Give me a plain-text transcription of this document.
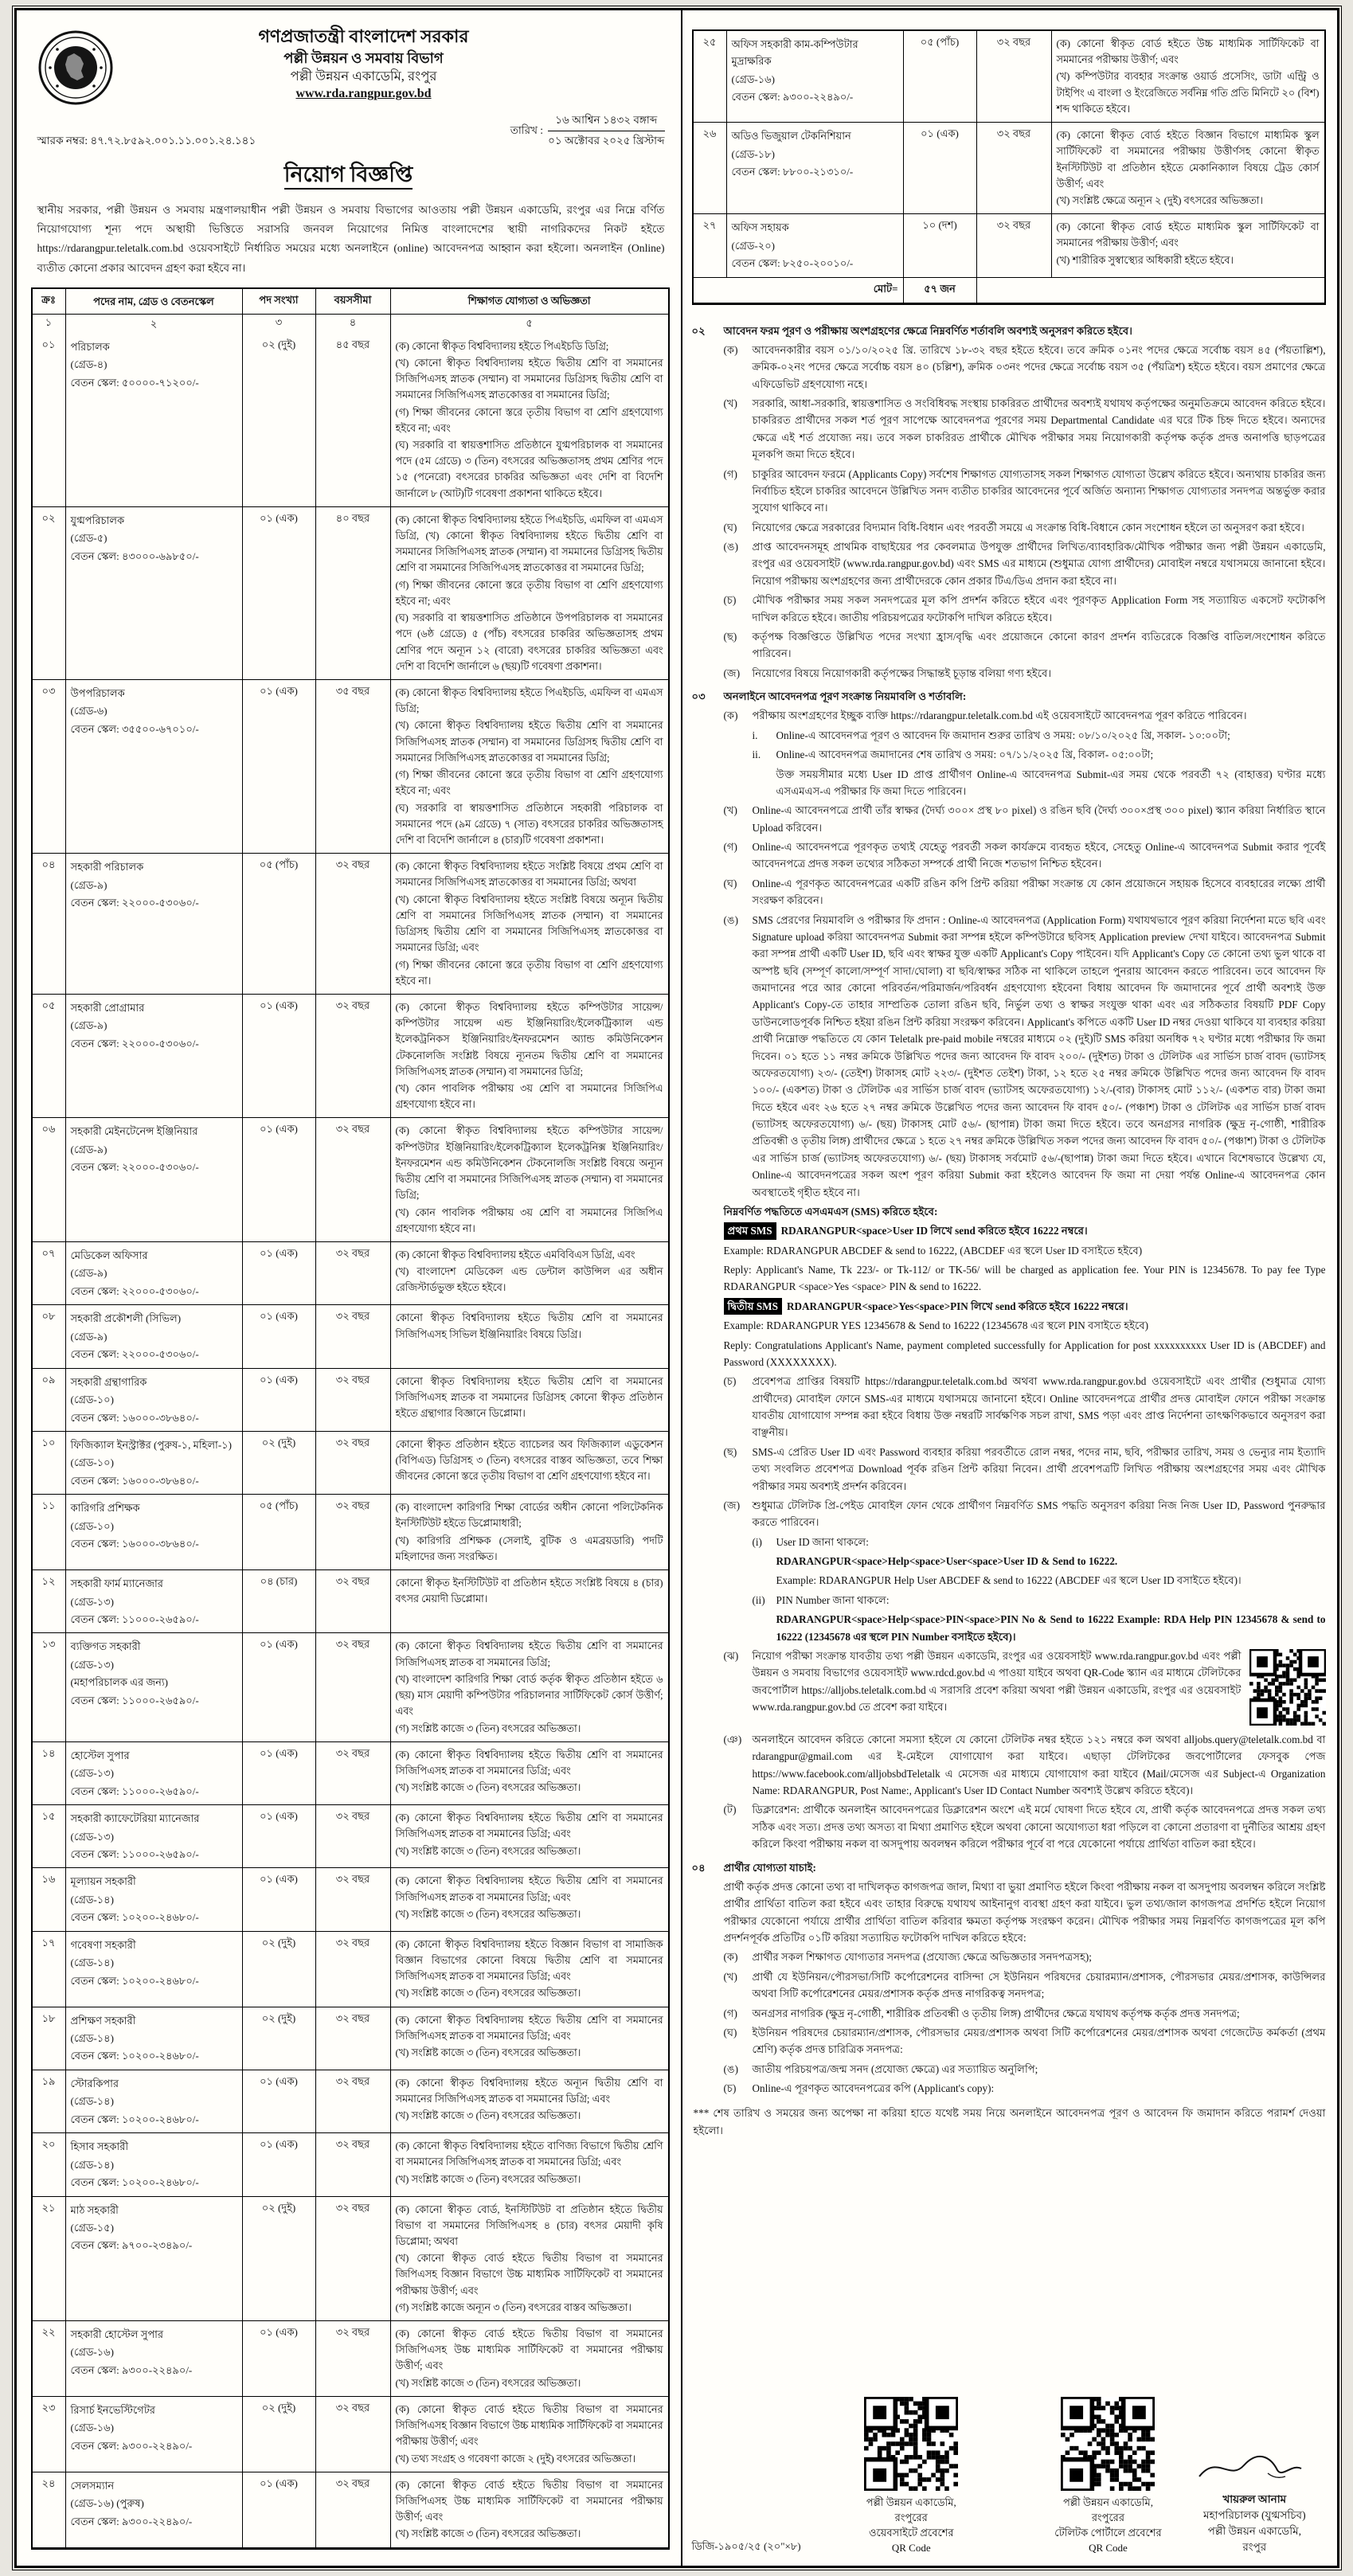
গণপ্রজাতন্ত্রী বাংলাদেশ সরকার
পল্লী উন্নয়ন ও সমবায় বিভাগ
পল্লী উন্নয়ন একাডেমি, রংপুর
www.rda.rangpur.gov.bd
স্মারক নম্বর: ৪৭.৭২.৮৫৯২.০০১.১১.০০১.২৪.১৪১
তারিখ : $\frac{\text{১৬ আশ্বিন ১৪৩২ বঙ্গাব্দ}}{\text{০১ অক্টোবর ২০২৫ খ্রিস্টাব্দ}}$
নিয়োগ বিজ্ঞপ্তি
স্থানীয় সরকার, পল্লী উন্নয়ন ও সমবায় মন্ত্রণালয়াধীন পল্লী উন্নয়ন ও সমবায় বিভাগের আওতায় পল্লী উন্নয়ন একাডেমি, রংপুর এর নিম্নে বর্ণিত নিয়োগযোগ্য শূন্য পদে অস্থায়ী ভিত্তিতে সরাসরি জনবল নিয়োগের নিমিত্ত বাংলাদেশের স্থায়ী নাগরিকদের নিকট হইতে https://rdarangpur.teletalk.com.bd ওয়েবসাইটে নির্ধারিত সময়ের মধ্যে অনলাইনে (online) আবেদনপত্র আহ্বান করা হইলো। অনলাইন (Online) ব্যতীত কোনো প্রকার আবেদন গ্রহণ করা হইবে না।
ক্রঃ	পদের নাম, গ্রেড ও বেতনস্কেল	পদ সংখ্যা	বয়সসীমা	শিক্ষাগত যোগ্যতা ও অভিজ্ঞতা
১	২	৩	৪	৫
০১	পরিচালক
(গ্রেড-৪)
বেতন স্কেল: ৫০০০০-৭১২০০/-
০২ (দুই)	৪৫ বছর	(ক) কোনো স্বীকৃত বিশ্ববিদ্যালয় হইতে পিএইচডি ডিগ্রি;
(খ) কোনো স্বীকৃত বিশ্ববিদ্যালয় হইতে দ্বিতীয় শ্রেণি বা সমমানের সিজিপিএসহ স্নাতক (সম্মান) বা সমমানের ডিগ্রিসহ দ্বিতীয় শ্রেণি বা সমমানের সিজিপিএসহ স্নাতকোত্তর বা সমমানের ডিগ্রি;
(গ) শিক্ষা জীবনের কোনো স্তরে তৃতীয় বিভাগ বা শ্রেণি গ্রহণযোগ্য হইবে না; এবং
(ঘ) সরকারি বা স্বায়ত্তশাসিত প্রতিষ্ঠানে যুগ্মপরিচালক বা সমমানের পদে (৫ম গ্রেডে) ৩ (তিন) বৎসরের অভিজ্ঞতাসহ প্রথম শ্রেণির পদে ১৫ (পনেরো) বৎসরের চাকরির অভিজ্ঞতা এবং দেশি বা বিদেশি জার্নালে ৮ (আট)টি গবেষণা প্রকাশনা থাকিতে হইবে।
০২	যুগ্মপরিচালক
(গ্রেড-৫)
বেতন স্কেল: ৪৩০০০-৬৯৮৫০/-
০১ (এক)	৪০ বছর	(ক) কোনো স্বীকৃত বিশ্ববিদ্যালয় হইতে পিএইচডি, এমফিল বা এমএস ডিগ্রি, (খ) কোনো স্বীকৃত বিশ্ববিদ্যালয় হইতে দ্বিতীয় শ্রেণি বা সমমানের সিজিপিএসহ স্নাতক (সম্মান) বা সমমানের ডিগ্রিসহ দ্বিতীয় শ্রেণি বা সমমানের সিজিপিএসহ স্নাতকোত্তর বা সমমানের ডিগ্রি;
(গ) শিক্ষা জীবনের কোনো স্তরে তৃতীয় বিভাগ বা শ্রেণি গ্রহণযোগ্য হইবে না; এবং
(ঘ) সরকারি বা স্বায়ত্তশাসিত প্রতিষ্ঠানে উপপরিচালক বা সমমানের পদে (৬ষ্ঠ গ্রেডে) ৫ (পাঁচ) বৎসরের চাকরির অভিজ্ঞতাসহ প্রথম শ্রেণির পদে অন্যূন ১২ (বারো) বৎসরের চাকরির অভিজ্ঞতা এবং দেশি বা বিদেশি জার্নালে ৬ (ছয়)টি গবেষণা প্রকাশনা।
০৩	উপপরিচালক
(গ্রেড-৬)
বেতন স্কেল: ৩৫৫০০-৬৭০১০/-
০১ (এক)	৩৫ বছর	(ক) কোনো স্বীকৃত বিশ্ববিদ্যালয় হইতে পিএইচডি, এমফিল বা এমএস ডিগ্রি;
(খ) কোনো স্বীকৃত বিশ্ববিদ্যালয় হইতে দ্বিতীয় শ্রেণি বা সমমানের সিজিপিএসহ স্নাতক (সম্মান) বা সমমানের ডিগ্রিসহ দ্বিতীয় শ্রেণি বা সমমানের সিজিপিএসহ স্নাতকোত্তর বা সমমানের ডিগ্রি;
(গ) শিক্ষা জীবনের কোনো স্তরে তৃতীয় বিভাগ বা শ্রেণি গ্রহণযোগ্য হইবে না; এবং
(ঘ) সরকারি বা স্বায়ত্তশাসিত প্রতিষ্ঠানে সহকারী পরিচালক বা সমমানের পদে (৯ম গ্রেডে) ৭ (সাত) বৎসরের চাকরির অভিজ্ঞতাসহ দেশি বা বিদেশি জার্নালে ৪ (চার)টি গবেষণা প্রকাশনা।
০৪	সহকারী পরিচালক
(গ্রেড-৯)
বেতন স্কেল: ২২০০০-৫৩০৬০/-
০৫ (পাঁচ)	৩২ বছর	(ক) কোনো স্বীকৃত বিশ্ববিদ্যালয় হইতে সংশ্লিষ্ট বিষয়ে প্রথম শ্রেণি বা সমমানের সিজিপিএসহ স্নাতকোত্তর বা সমমানের ডিগ্রি; অথবা
(খ) কোনো স্বীকৃত বিশ্ববিদ্যালয় হইতে সংশ্লিষ্ট বিষয়ে অন্যূন দ্বিতীয় শ্রেণি বা সমমানের সিজিপিএসহ স্নাতক (সম্মান) বা সমমানের ডিগ্রিসহ দ্বিতীয় শ্রেণি বা সমমানের সিজিপিএসহ স্নাতকোত্তর বা সমমানের ডিগ্রি; এবং
(গ) শিক্ষা জীবনের কোনো স্তরে তৃতীয় বিভাগ বা শ্রেণি গ্রহণযোগ্য হইবে না।
০৫	সহকারী প্রোগ্রামার
(গ্রেড-৯)
বেতন স্কেল: ২২০০০-৫৩০৬০/-
০১ (এক)	৩২ বছর	(ক) কোনো স্বীকৃত বিশ্ববিদ্যালয় হইতে কম্পিউটার সায়েন্স/কম্পিউটার সায়েন্স এন্ড ইঞ্জিনিয়ারিং/ইলেকট্রিক্যাল এন্ড ইলেকট্রনিকস ইঞ্জিনিয়ারিং/ইনফরমেশন অ্যান্ড কমিউনিকেশন টেকনোলজি সংশ্লিষ্ট বিষয়ে ন্যূনতম দ্বিতীয় শ্রেণি বা সমমানের সিজিপিএসহ স্নাতক (সম্মান) বা সমমানের ডিগ্রি;
(খ) কোন পাবলিক পরীক্ষায় ৩য় শ্রেণি বা সমমানের সিজিপিএ গ্রহণযোগ্য হইবে না।
০৬	সহকারী মেইনটেনেন্স ইঞ্জিনিয়ার
(গ্রেড-৯)
বেতন স্কেল: ২২০০০-৫৩০৬০/-
০১ (এক)	৩২ বছর	(ক) কোনো স্বীকৃত বিশ্ববিদ্যালয় হইতে কম্পিউটার সায়েন্স/কম্পিউটার ইঞ্জিনিয়ারিং/ইলেকট্রিক্যাল ইলেকট্রনিক্স ইঞ্জিনিয়ারিং/ইনফরমেশন এন্ড কমিউনিকেশন টেকনোলজি সংশ্লিষ্ট বিষয়ে অন্যূন দ্বিতীয় শ্রেণি বা সমমানের সিজিপিএসহ স্নাতক (সম্মান) বা সমমানের ডিগ্রি;
(খ) কোন পাবলিক পরীক্ষায় ৩য় শ্রেণি বা সমমানের সিজিপিএ গ্রহণযোগ্য হইবে না।
০৭	মেডিকেল অফিসার
(গ্রেড-৯)
বেতন স্কেল: ২২০০০-৫৩০৬০/-
০১ (এক)	৩২ বছর	(ক) কোনো স্বীকৃত বিশ্ববিদ্যালয় হইতে এমবিবিএস ডিগ্রি, এবং
(খ) বাংলাদেশ মেডিকেল এন্ড ডেন্টাল কাউন্সিল এর অধীন রেজিস্টার্ডভুক্ত হইতে হইবে।
০৮	সহকারী প্রকৌশলী (সিভিল)
(গ্রেড-৯)
বেতন স্কেল: ২২০০০-৫৩০৬০/-
০১ (এক)	৩২ বছর	কোনো স্বীকৃত বিশ্ববিদ্যালয় হইতে দ্বিতীয় শ্রেণি বা সমমানের সিজিপিএসহ সিভিল ইঞ্জিনিয়ারিং বিষয়ে ডিগ্রি।
০৯	সহকারী গ্রন্থাগারিক
(গ্রেড-১০)
বেতন স্কেল: ১৬০০০-৩৮৬৪০/-
০১ (এক)	৩২ বছর	কোনো স্বীকৃত বিশ্ববিদ্যালয় হইতে দ্বিতীয় শ্রেণি বা সমমানের সিজিপিএসহ স্নাতক বা সমমানের ডিগ্রিসহ কোনো স্বীকৃত প্রতিষ্ঠান হইতে গ্রন্থাগার বিজ্ঞানে ডিপ্লোমা।
১০	ফিজিক্যাল ইনস্ট্রাক্টর (পুরুষ-১, মহিলা-১)
(গ্রেড-১০)
বেতন স্কেল: ১৬০০০-৩৮৬৪০/-
০২ (দুই)	৩২ বছর	কোনো স্বীকৃত প্রতিষ্ঠান হইতে ব্যাচেলর অব ফিজিক্যাল এডুকেশন (বিপিএড) ডিগ্রিসহ ৩ (তিন) বৎসরের বাস্তব অভিজ্ঞতা, তবে শিক্ষা জীবনের কোনো স্তরে তৃতীয় বিভাগ বা শ্রেণি গ্রহণযোগ্য হইবে না।
১১	কারিগরি প্রশিক্ষক
(গ্রেড-১০)
বেতন স্কেল: ১৬০০০-৩৮৬৪০/-
০৫ (পাঁচ)	৩২ বছর	(ক) বাংলাদেশ কারিগরি শিক্ষা বোর্ডের অধীন কোনো পলিটেকনিক ইনস্টিটিউট হইতে ডিপ্লোমাধারী;
(খ) কারিগরি প্রশিক্ষক (সেলাই, বুটিক ও এমব্রয়ডারি) পদটি মহিলাদের জন্য সংরক্ষিত।
১২	সহকারী ফার্ম ম্যানেজার
(গ্রেড-১৩)
বেতন স্কেল: ১১০০০-২৬৫৯০/-
০৪ (চার)	৩২ বছর	কোনো স্বীকৃত ইনস্টিটিউট বা প্রতিষ্ঠান হইতে সংশ্লিষ্ট বিষয়ে ৪ (চার) বৎসর মেয়াদী ডিপ্লোমা।
১৩	ব্যক্তিগত সহকারী
(গ্রেড-১৩)
(মহাপরিচালক এর জন্য)
বেতন স্কেল: ১১০০০-২৬৫৯০/-
০১ (এক)	৩২ বছর	(ক) কোনো স্বীকৃত বিশ্ববিদ্যালয় হইতে দ্বিতীয় শ্রেণি বা সমমানের সিজিপিএসহ স্নাতক বা সমমানের ডিগ্রি;
(খ) বাংলাদেশ কারিগরি শিক্ষা বোর্ড কর্তৃক স্বীকৃত প্রতিষ্ঠান হইতে ৬ (ছয়) মাস মেয়াদী কম্পিউটার পরিচালনার সার্টিফিকেট কোর্স উত্তীর্ণ; এবং
(গ) সংশ্লিষ্ট কাজে ৩ (তিন) বৎসরের অভিজ্ঞতা।
১৪	হোস্টেল সুপার
(গ্রেড-১৩)
বেতন স্কেল: ১১০০০-২৬৫৯০/-
০১ (এক)	৩২ বছর	(ক) কোনো স্বীকৃত বিশ্ববিদ্যালয় হইতে দ্বিতীয় শ্রেণি বা সমমানের সিজিপিএসহ স্নাতক বা সমমানের ডিগ্রি; এবং
(খ) সংশ্লিষ্ট কাজে ৩ (তিন) বৎসরের অভিজ্ঞতা।
১৫	সহকারী ক্যাফেটেরিয়া ম্যানেজার
(গ্রেড-১৩)
বেতন স্কেল: ১১০০০-২৬৫৯০/-
০১ (এক)	৩২ বছর	(ক) কোনো স্বীকৃত বিশ্ববিদ্যালয় হইতে দ্বিতীয় শ্রেণি বা সমমানের সিজিপিএসহ স্নাতক বা সমমানের ডিগ্রি; এবং
(খ) সংশ্লিষ্ট কাজে ৩ (তিন) বৎসরের অভিজ্ঞতা।
১৬	মূল্যায়ন সহকারী
(গ্রেড-১৪)
বেতন স্কেল: ১০২০০-২৪৬৮০/-
০১ (এক)	৩২ বছর	(ক) কোনো স্বীকৃত বিশ্ববিদ্যালয় হইতে দ্বিতীয় শ্রেণি বা সমমানের সিজিপিএসহ স্নাতক বা সমমানের ডিগ্রি; এবং
(খ) সংশ্লিষ্ট কাজে ৩ (তিন) বৎসরের অভিজ্ঞতা।
১৭	গবেষণা সহকারী
(গ্রেড-১৪)
বেতন স্কেল: ১০২০০-২৪৬৮০/-
০২ (দুই)	৩২ বছর	(ক) কোনো স্বীকৃত বিশ্ববিদ্যালয় হইতে বিজ্ঞান বিভাগ বা সামাজিক বিজ্ঞান বিভাগের কোনো বিষয়ে দ্বিতীয় শ্রেণি বা সমমানের সিজিপিএসহ স্নাতক বা সমমানের ডিগ্রি; এবং
(খ) সংশ্লিষ্ট কাজে ৩ (তিন) বৎসরের অভিজ্ঞতা।
১৮	প্রশিক্ষণ সহকারী
(গ্রেড-১৪)
বেতন স্কেল: ১০২০০-২৪৬৮০/-
০২ (দুই)	৩২ বছর	(ক) কোনো স্বীকৃত বিশ্ববিদ্যালয় হইতে দ্বিতীয় শ্রেণি বা সমমানের সিজিপিএসহ স্নাতক বা সমমানের ডিগ্রি; এবং
(খ) সংশ্লিষ্ট কাজে ৩ (তিন) বৎসরের অভিজ্ঞতা।
১৯	স্টোরকিপার
(গ্রেড-১৪)
বেতন স্কেল: ১০২০০-২৪৬৮০/-
০১ (এক)	৩২ বছর	(ক) কোনো স্বীকৃত বিশ্ববিদ্যালয় হইতে অন্যূন দ্বিতীয় শ্রেণি বা সমমানের সিজিপিএসহ স্নাতক বা সমমানের ডিগ্রি; এবং
(খ) সংশ্লিষ্ট কাজে ৩ (তিন) বৎসরের অভিজ্ঞতা।
২০	হিসাব সহকারী
(গ্রেড-১৪)
বেতন স্কেল: ১০২০০-২৪৬৮০/-
০১ (এক)	৩২ বছর	(ক) কোনো স্বীকৃত বিশ্ববিদ্যালয় হইতে বাণিজ্য বিভাগে দ্বিতীয় শ্রেণি বা সমমানের সিজিপিএসহ স্নাতক বা সমমানের ডিগ্রি; এবং
(খ) সংশ্লিষ্ট কাজে ৩ (তিন) বৎসরের অভিজ্ঞতা।
২১	মাঠ সহকারী
(গ্রেড-১৫)
বেতন স্কেল: ৯৭০০-২৩৪৯০/-
০২ (দুই)	৩২ বছর	(ক) কোনো স্বীকৃত বোর্ড, ইনস্টিটিউট বা প্রতিষ্ঠান হইতে দ্বিতীয় বিভাগ বা সমমানের সিজিপিএসহ ৪ (চার) বৎসর মেয়াদী কৃষি ডিপ্লোমা; অথবা
(খ) কোনো স্বীকৃত বোর্ড হইতে দ্বিতীয় বিভাগ বা সমমানের জিপিএসহ বিজ্ঞান বিভাগে উচ্চ মাধ্যমিক সার্টিফিকেট বা সমমানের পরীক্ষায় উত্তীর্ণ; এবং
(গ) সংশ্লিষ্ট কাজে অন্যূন ৩ (তিন) বৎসরের বাস্তব অভিজ্ঞতা।
২২	সহকারী হোস্টেল সুপার
(গ্রেড-১৬)
বেতন স্কেল: ৯৩০০-২২৪৯০/-
০১ (এক)	৩২ বছর	(ক) কোনো স্বীকৃত বোর্ড হইতে দ্বিতীয় বিভাগ বা সমমানের সিজিপিএসহ উচ্চ মাধ্যমিক সার্টিফিকেট বা সমমানের পরীক্ষায় উত্তীর্ণ; এবং
(খ) সংশ্লিষ্ট কাজে ৩ (তিন) বৎসরের অভিজ্ঞতা।
২৩	রিসার্চ ইনভেস্টিগেটর
(গ্রেড-১৬)
বেতন স্কেল: ৯৩০০-২২৪৯০/-
০২ (দুই)	৩২ বছর	(ক) কোনো স্বীকৃত বোর্ড হইতে দ্বিতীয় বিভাগ বা সমমানের সিজিপিএসহ বিজ্ঞান বিভাগে উচ্চ মাধ্যমিক সার্টিফিকেট বা সমমানের পরীক্ষায় উত্তীর্ণ; এবং
(খ) তথ্য সংগ্রহ ও গবেষণা কাজে ২ (দুই) বৎসরের অভিজ্ঞতা।
২৪	সেলসম্যান
(গ্রেড-১৬) (পুরুষ)
বেতন স্কেল: ৯৩০০-২২৪৯০/-
০১ (এক)	৩২ বছর	(ক) কোনো স্বীকৃত বোর্ড হইতে দ্বিতীয় বিভাগ বা সমমানের সিজিপিএসহ উচ্চ মাধ্যমিক সার্টিফিকেট বা সমমানের পরীক্ষায় উত্তীর্ণ; এবং
(খ) সংশ্লিষ্ট কাজে ৩ (তিন) বৎসরের অভিজ্ঞতা।
২৫	অফিস সহকারী কাম-কম্পিউটার মুদ্রাক্ষরিক
(গ্রেড-১৬)
বেতন স্কেল: ৯৩০০-২২৪৯০/-
০৫ (পাঁচ)	৩২ বছর	(ক) কোনো স্বীকৃত বোর্ড হইতে উচ্চ মাধ্যমিক সার্টিফিকেট বা সমমানের পরীক্ষায় উত্তীর্ণ; এবং
(খ) কম্পিউটার ব্যবহার সংক্রান্ত ওয়ার্ড প্রসেসিং, ডাটা এন্ট্রি ও টাইপিং এ বাংলা ও ইংরেজিতে সর্বনিম্ন গতি প্রতি মিনিটে ২০ (বিশ) শব্দ থাকিতে হইবে।
২৬	অডিও ভিজুয়াল টেকনিশিয়ান
(গ্রেড-১৮)
বেতন স্কেল: ৮৮০০-২১৩১০/-
০১ (এক)	৩২ বছর	(ক) কোনো স্বীকৃত বোর্ড হইতে বিজ্ঞান বিভাগে মাধ্যমিক স্কুল সার্টিফিকেট বা সমমানের পরীক্ষায় উত্তীর্ণসহ কোনো স্বীকৃত ইনস্টিটিউট বা প্রতিষ্ঠান হইতে মেকানিক্যাল বিষয়ে ট্রেড কোর্স উত্তীর্ণ; এবং
(খ) সংশ্লিষ্ট ক্ষেত্রে অন্যূন ২ (দুই) বৎসরের অভিজ্ঞতা।
২৭	অফিস সহায়ক
(গ্রেড-২০)
বেতন স্কেল: ৮২৫০-২০০১০/-
১০ (দশ)	৩২ বছর	(ক) কোনো স্বীকৃত বোর্ড হইতে মাধ্যমিক স্কুল সার্টিফিকেট বা সমমানের পরীক্ষায় উত্তীর্ণ; এবং
(খ) শারীরিক সুস্বাস্থ্যের অধিকারী হইতে হইবে।
মোট=	৫৭ জন
০২	আবেদন ফরম পূরণ ও পরীক্ষায় অংশগ্রহণের ক্ষেত্রে নিম্নবর্ণিত শর্তাবলি অবশ্যই অনুসরণ করিতে হইবে।
(ক)	আবেদনকারীর বয়স ০১/১০/২০২৫ খ্রি. তারিখে ১৮-৩২ বছর হইতে হইবে। তবে ক্রমিক ০১নং পদের ক্ষেত্রে সর্বোচ্চ বয়স ৪৫ (পঁয়তাল্লিশ), ক্রমিক-০২নং পদের ক্ষেত্রে সর্বোচ্চ বয়স ৪০ (চল্লিশ), ক্রমিক ০৩নং পদের ক্ষেত্রে সর্বোচ্চ বয়স ৩৫ (পঁয়ত্রিশ) হইতে হইবে। বয়স প্রমাণের ক্ষেত্রে এফিডেভিট গ্রহণযোগ্য নহে।
(খ)	সরকারি, আধা-সরকারি, স্বায়ত্তশাসিত ও সংবিধিবদ্ধ সংস্থায় চাকরিরত প্রার্থীদের অবশ্যই যথাযথ কর্তৃপক্ষের অনুমতিক্রমে আবেদন করিতে হইবে। চাকরিরত প্রার্থীদের সকল শর্ত পূরণ সাপেক্ষে আবেদনপত্র পূরণের সময় Departmental Candidate এর ঘরে টিক চিহ্ন দিতে হইবে। অন্যদের ক্ষেত্রে এই শর্ত প্রযোজ্য নয়। তবে সকল চাকরিরত প্রার্থীকে মৌখিক পরীক্ষার সময় নিয়োগকারী কর্তৃপক্ষ কর্তৃক প্রদত্ত অনাপত্তি ছাড়পত্রের মূলকপি জমা দিতে হইবে।
(গ)	চাকুরির আবেদন ফরমে (Applicants Copy) সর্বশেষ শিক্ষাগত যোগ্যতাসহ সকল শিক্ষাগত যোগ্যতা উল্লেখ করিতে হইবে। অন্যথায় চাকরির জন্য নির্বাচিত হইলে চাকরির আবেদনে উল্লিখিত সনদ ব্যতীত চাকরির আবেদনের পূর্বে অর্জিত অন্যান্য শিক্ষাগত যোগ্যতার সনদপত্র অন্তর্ভুক্ত করার সুযোগ থাকিবে না।
(ঘ)	নিয়োগের ক্ষেত্রে সরকারের বিদ্যমান বিধি-বিধান এবং পরবর্তী সময়ে এ সংক্রান্ত বিধি-বিধানে কোন সংশোধন হইলে তা অনুসরণ করা হইবে।
(ঙ)	প্রাপ্ত আবেদনসমূহ প্রাথমিক বাছাইয়ের পর কেবলমাত্র উপযুক্ত প্রার্থীদের লিখিত/ব্যাবহারিক/মৌখিক পরীক্ষার জন্য পল্লী উন্নয়ন একাডেমি, রংপুর এর ওয়েবসাইট (www.rda.rangpur.gov.bd) এবং SMS এর মাধ্যমে (শুধুমাত্র যোগ্য প্রার্থীদের) মোবাইল নম্বরে যথাসময়ে জানানো হইবে। নিয়োগ পরীক্ষায় অংশগ্রহণের জন্য প্রার্থীদেরকে কোন প্রকার টিএ/ডিএ প্রদান করা হইবে না।
(চ)	মৌখিক পরীক্ষার সময় সকল সনদপত্রের মূল কপি প্রদর্শন করিতে হইবে এবং পূরণকৃত Application Form সহ সত্যায়িত একসেট ফটোকপি দাখিল করিতে হইবে। জাতীয় পরিচয়পত্রের ফটোকপি দাখিল করিতে হইবে।
(ছ)	কর্তৃপক্ষ বিজ্ঞপ্তিতে উল্লিখিত পদের সংখ্যা হ্রাস/বৃদ্ধি এবং প্রয়োজনে কোনো কারণ প্রদর্শন ব্যতিরেকে বিজ্ঞপ্তি বাতিল/সংশোধন করিতে পারিবেন।
(জ)	নিয়োগের বিষয়ে নিয়োগকারী কর্তৃপক্ষের সিদ্ধান্তই চূড়ান্ত বলিয়া গণ্য হইবে।
০৩	অনলাইনে আবেদনপত্র পূরণ সংক্রান্ত নিয়মাবলি ও শর্তাবলি:
(ক)	পরীক্ষায় অংশগ্রহণের ইচ্ছুক ব্যক্তি https://rdarangpur.teletalk.com.bd এই ওয়েবসাইটে আবেদনপত্র পূরণ করিতে পারিবেন।
i.	Online-এ আবেদনপত্র পূরণ ও আবেদন ফি জমাদান শুরুর তারিখ ও সময়: ০৮/১০/২০২৫ খ্রি, সকাল- ১০:০০টা;
ii.	Online-এ আবেদনপত্র জমাদানের শেষ তারিখ ও সময়: ০৭/১১/২০২৫ খ্রি, বিকাল- ০৫:০০টা;
উক্ত সময়সীমার মধ্যে User ID প্রাপ্ত প্রার্থীগণ Online-এ আবেদনপত্র Submit-এর সময় থেকে পরবর্তী ৭২ (বাহাত্তর) ঘণ্টার মধ্যে এসএমএস-এ পরীক্ষার ফি জমা দিতে পারিবেন।
(খ)	Online-এ আবেদনপত্রে প্রার্থী তাঁর স্বাক্ষর (দৈর্ঘ্য ৩০০× প্রস্থ ৮০ pixel) ও রঙিন ছবি (দৈর্ঘ্য ৩০০×প্রস্থ ৩০০ pixel) স্ক্যান করিয়া নির্ধারিত স্থানে Upload করিবেন।
(গ)	Online-এ আবেদনপত্রে পূরণকৃত তথ্যই যেহেতু পরবর্তী সকল কার্যক্রমে ব্যবহৃত হইবে, সেহেতু Online-এ আবেদনপত্র Submit করার পূর্বেই আবেদনপত্রে প্রদত্ত সকল তথ্যের সঠিকতা সম্পর্কে প্রার্থী নিজে শতভাগ নিশ্চিত হইবেন।
(ঘ)	Online-এ পূরণকৃত আবেদনপত্রের একটি রঙিন কপি প্রিন্ট করিয়া পরীক্ষা সংক্রান্ত যে কোন প্রয়োজনে সহায়ক হিসেবে ব্যবহারের লক্ষ্যে প্রার্থী সংরক্ষণ করিবেন।
(ঙ)	SMS প্রেরণের নিয়মাবলি ও পরীক্ষার ফি প্রদান : Online-এ আবেদনপত্র (Application Form) যথাযথভাবে পূরণ করিয়া নির্দেশনা মতে ছবি এবং Signature upload করিয়া আবেদনপত্র Submit করা সম্পন্ন হইলে কম্পিউটারে ছবিসহ Application preview দেখা যাইবে। আবেদনপত্র Submit করা সম্পন্ন প্রার্থী একটি User ID, ছবি এবং স্বাক্ষর যুক্ত একটি Applicant's Copy পাইবেন। যদি Applicant's Copy তে কোনো তথ্য ভুল থাকে বা অস্পষ্ট ছবি (সম্পূর্ণ কালো/সম্পূর্ণ সাদা/ঘোলা) বা ছবি/স্বাক্ষর সঠিক না থাকিলে তাহলে পুনরায় আবেদন করতে পারিবেন। তবে আবেদন ফি জমাদানের পরে আর কোনো পরিবর্তন/পরিমার্জন/পরিবর্ধন গ্রহণযোগ্য হইবেনা বিধায় আবেদন ফি জমাদানের পূর্বে প্রার্থী অবশ্যই উক্ত Applicant's Copy-তে তাহার সাম্প্রতিক তোলা রঙিন ছবি, নির্ভুল তথ্য ও স্বাক্ষর সংযুক্ত থাকা এবং এর সঠিকতার বিষয়টি PDF Copy ডাউনলোডপূর্বক নিশ্চিত হইয়া রঙিন প্রিন্ট করিয়া সংরক্ষণ করিবেন। Applicant's কপিতে একটি User ID নম্বর দেওয়া থাকিবে যা ব্যবহার করিয়া প্রার্থী নিম্নোক্ত পদ্ধতিতে যে কোন Teletalk pre-paid mobile নম্বরের মাধ্যমে ০২ (দুই)টি SMS করিয়া অনধিক ৭২ ঘণ্টার মধ্যে পরীক্ষার ফি জমা দিবেন। ০১ হতে ১১ নম্বর ক্রমিকে উল্লিখিত পদের জন্য আবেদন ফি বাবদ ২০০/- (দুইশত) টাকা ও টেলিটক এর সার্ভিস চার্জ বাবদ (ভ্যাটসহ অফেরতযোগ্য) ২৩/- (তেইশ) টাকাসহ মোট ২২৩/- (দুইশত তেইশ) টাকা, ১২ হতে ২৫ নম্বর ক্রমিকে উল্লিখিত পদের জন্য আবেদন ফি বাবদ ১০০/- (একশত) টাকা ও টেলিটক এর সার্ভিস চার্জ বাবদ (ভ্যাটসহ অফেরতযোগ্য) ১২/-(বার) টাকাসহ মোট ১১২/- (একশত বার) টাকা জমা দিতে হইবে এবং ২৬ হতে ২৭ নম্বর ক্রমিকে উল্লেখিত পদের জন্য আবেদন ফি বাবদ ৫০/- (পঞ্চাশ) টাকা ও টেলিটক এর সার্ভিস চার্জ বাবদ (ভ্যাটসহ অফেরতযোগ্য) ৬/- (ছয়) টাকাসহ মোট ৫৬/- (ছাপান্ন) টাকা জমা দিতে হইবে। তবে অনগ্রসর নাগরিক (ক্ষুদ্র নৃ-গোষ্ঠী, শারীরিক প্রতিবন্ধী ও তৃতীয় লিঙ্গ) প্রার্থীদের ক্ষেত্রে ১ হতে ২৭ নম্বর ক্রমিকে উল্লিখিত সকল পদের জন্য আবেদন ফি বাবদ ৫০/- (পঞ্চাশ) টাকা ও টেলিটক এর সার্ভিস চার্জ (ভ্যাটসহ অফেরতযোগ্য) ৬/- (ছয়) টাকাসহ সর্বমোট ৫৬/-(ছাপান্ন) টাকা জমা দিতে হইবে। এখানে বিশেষভাবে উল্লেখ্য যে, Online-এ আবেদনপত্রের সকল অংশ পূরণ করিয়া Submit করা হইলেও আবেদন ফি জমা না দেয়া পর্যন্ত Online-এ আবেদনপত্র কোন অবস্থাতেই গৃহীত হইবে না।
নিম্নবর্ণিত পদ্ধতিতে এসএমএস (SMS) করিতে হইবে:
প্রথম SMS RDARANGPUR<space>User ID লিখে send করিতে হইবে 16222 নম্বরে।
Example: RDARANGPUR ABCDEF & send to 16222, (ABCDEF এর স্থলে User ID বসাইতে হইবে)
Reply: Applicant's Name, Tk 223/- or Tk-112/ or TK-56/ will be charged as application fee. Your PIN is 12345678. To pay fee Type RDARANGPUR <space>Yes <space> PIN & send to 16222.
দ্বিতীয় SMS RDARANGPUR<space>Yes<space>PIN লিখে send করিতে হইবে 16222 নম্বরে।
Example: RDARANGPUR YES 12345678 & Send to 16222 (12345678 এর স্থলে PIN বসাইতে হইবে)
Reply: Congratulations Applicant's Name, payment completed successfully for Application for post xxxxxxxxxx User ID is (ABCDEF) and Password (XXXXXXXX).
(চ)	প্রবেশপত্র প্রাপ্তির বিষয়টি https://rdarangpur.teletalk.com.bd অথবা www.rda.rangpur.gov.bd ওয়েবসাইটে এবং প্রার্থীর (শুধুমাত্র যোগ্য প্রার্থীদের) মোবাইল ফোনে SMS-এর মাধ্যমে যথাসময়ে জানানো হইবে। Online আবেদনপত্রে প্রার্থীর প্রদত্ত মোবাইল ফোনে পরীক্ষা সংক্রান্ত যাবতীয় যোগাযোগ সম্পন্ন করা হইবে বিধায় উক্ত নম্বরটি সার্বক্ষণিক সচল রাখা, SMS পড়া এবং প্রাপ্ত নির্দেশনা তাৎক্ষণিকভাবে অনুসরণ করা বাঞ্ছনীয়।
(ছ)	SMS-এ প্রেরিত User ID এবং Password ব্যবহার করিয়া পরবর্তীতে রোল নম্বর, পদের নাম, ছবি, পরীক্ষার তারিখ, সময় ও ভেন্যুর নাম ইত্যাদি তথ্য সংবলিত প্রবেশপত্র Download পূর্বক রঙিন প্রিন্ট করিয়া নিবেন। প্রার্থী প্রবেশপত্রটি লিখিত পরীক্ষায় অংশগ্রহণের সময় এবং মৌখিক পরীক্ষার সময় অবশ্যই প্রদর্শন করিবেন।
(জ)	শুধুমাত্র টেলিটক প্রি-পেইড মোবাইল ফোন থেকে প্রার্থীগণ নিম্নবর্ণিত SMS পদ্ধতি অনুসরণ করিয়া নিজ নিজ User ID, Password পুনরুদ্ধার করতে পারিবেন।
(i)	User ID জানা থাকলে:
RDARANGPUR<space>Help<space>User<space>User ID & Send to 16222.
Example: RDARANGPUR Help User ABCDEF & send to 16222 (ABCDEF এর স্থলে User ID বসাইতে হইবে)।
(ii)	PIN Number জানা থাকলে:
RDARANGPUR<space>Help<space>PIN<space>PIN No & Send to 16222 Example: RDA Help PIN 12345678 & send to 16222 (12345678 এর স্থলে PIN Number বসাইতে হইবে)।
(ঝ)	নিয়োগ পরীক্ষা সংক্রান্ত যাবতীয় তথ্য পল্লী উন্নয়ন একাডেমি, রংপুর এর ওয়েবসাইট www.rda.rangpur.gov.bd এবং পল্লী উন্নয়ন ও সমবায় বিভাগের ওয়েবসাইট www.rdcd.gov.bd এ পাওয়া যাইবে অথবা QR-Code স্ক্যান এর মাধ্যমে টেলিটকের জবপোর্টাল https://alljobs.teletalk.com.bd এ সরাসরি প্রবেশ করিয়া অথবা পল্লী উন্নয়ন একাডেমি, রংপুর এর ওয়েবসাইট www.rda.rangpur.gov.bd তে প্রবেশ করা যাইবে।
(ঞ)	অনলাইনে আবেদন করিতে কোনো সমস্যা হইলে যে কোনো টেলিটক নম্বর হইতে ১২১ নম্বরে কল অথবা alljobs.query@teletalk.com.bd বা rdarangpur@gmail.com এর ই-মেইলে যোগাযোগ করা যাইবে। এছাড়া টেলিটকের জবপোর্টালের ফেসবুক পেজ https://www.facebook.com/alljobsbdTeletalk এ মেসেজ এর মাধ্যমে যোগাযোগ করা যাইবে (Mail/মেসেজ এর Subject-এ Organization Name: RDARANGPUR, Post Name:, Applicant's User ID Contact Number অবশ্যই উল্লেখ করিতে হইবে)।
(ট)	ডিক্লারেশন: প্রার্থীকে অনলাইন আবেদনপত্রের ডিক্লারেশন অংশে এই মর্মে ঘোষণা দিতে হইবে যে, প্রার্থী কর্তৃক আবেদনপত্রে প্রদত্ত সকল তথ্য সঠিক এবং সত্য। প্রদত্ত তথ্য অসত্য বা মিথ্যা প্রমাণিত হইলে অথবা কোনো অযোগ্যতা ধরা পড়িলে বা কোনো প্রতারণা বা দুর্নীতির আশ্রয় গ্রহণ করিলে কিংবা পরীক্ষায় নকল বা অসদুপায় অবলম্বন করিলে পরীক্ষার পূর্বে বা পরে যেকোনো পর্যায়ে প্রার্থিতা বাতিল করা হইবে।
০৪	প্রার্থীর যোগ্যতা যাচাই:
প্রার্থী কর্তৃক প্রদত্ত কোনো তথ্য বা দাখিলকৃত কাগজপত্র জাল, মিথ্যা বা ভুয়া প্রমাণিত হইলে কিংবা পরীক্ষায় নকল বা অসদুপায় অবলম্বন করিলে সংশ্লিষ্ট প্রার্থীর প্রার্থিতা বাতিল করা হইবে এবং তাহার বিরুদ্ধে যথাযথ আইনানুগ ব্যবস্থা গ্রহণ করা যাইবে। ভুল তথ্য/জাল কাগজপত্র প্রদর্শিত হইলে নিয়োগ পরীক্ষার যেকোনো পর্যায়ে প্রার্থীর প্রার্থিতা বাতিল করিবার ক্ষমতা কর্তৃপক্ষ সংরক্ষণ করেন। মৌখিক পরীক্ষার সময় নিম্নবর্ণিত কাগজপত্রের মূল কপি প্রদর্শনপূর্বক প্রতিটির ০১টি করিয়া সত্যায়িত ফটোকপি দাখিল করিতে হইবে:
(ক)	প্রার্থীর সকল শিক্ষাগত যোগ্যতার সনদপত্র (প্রযোজ্য ক্ষেত্রে অভিজ্ঞতার সনদপত্রসহ);
(খ)	প্রার্থী যে ইউনিয়ন/পৌরসভা/সিটি কর্পোরেশনের বাসিন্দা সে ইউনিয়ন পরিষদের চেয়ারম্যান/প্রশাসক, পৌরসভার মেয়র/প্রশাসক, কাউন্সিলর অথবা সিটি কর্পোরেশনের মেয়র/প্রশাসক কর্তৃক প্রদত্ত নাগরিকত্ব সনদপত্র;
(গ)	অনগ্রসর নাগরিক (ক্ষুদ্র নৃ-গোষ্ঠী, শারীরিক প্রতিবন্ধী ও তৃতীয় লিঙ্গ) প্রার্থীদের ক্ষেত্রে যথাযথ কর্তৃপক্ষ কর্তৃক প্রদত্ত সনদপত্র;
(ঘ)	ইউনিয়ন পরিষদের চেয়ারম্যান/প্রশাসক, পৌরসভার মেয়র/প্রশাসক অথবা সিটি কর্পোরেশনের মেয়র/প্রশাসক অথবা গেজেটেড কর্মকর্তা (প্রথম শ্রেণি) কর্তৃক প্রদত্ত চারিত্রিক সনদপত্র:
(ঙ)	জাতীয় পরিচয়পত্র/জন্ম সনদ (প্রযোজ্য ক্ষেত্রে) এর সত্যায়িত অনুলিপি;
(চ)	Online-এ পূরণকৃত আবেদনপত্রের কপি (Applicant's copy):
*** শেষ তারিখ ও সময়ের জন্য অপেক্ষা না করিয়া হাতে যথেষ্ট সময় নিয়ে অনলাইনে আবেদনপত্র পূরণ ও আবেদন ফি জমাদান করিতে পরামর্শ দেওয়া হইলো।
ডিজি-১৯০৫/২৫ (২০"×৮)
পল্লী উন্নয়ন একাডেমি, রংপুরের
ওয়েবসাইটে প্রবেশের
QR Code
পল্লী উন্নয়ন একাডেমি, রংপুরের
টেলিটক পোর্টালে প্রবেশের
QR Code
খায়রুল আনাম
মহাপরিচালক (যুগ্মসচিব)
পল্লী উন্নয়ন একাডেমি, রংপুর
